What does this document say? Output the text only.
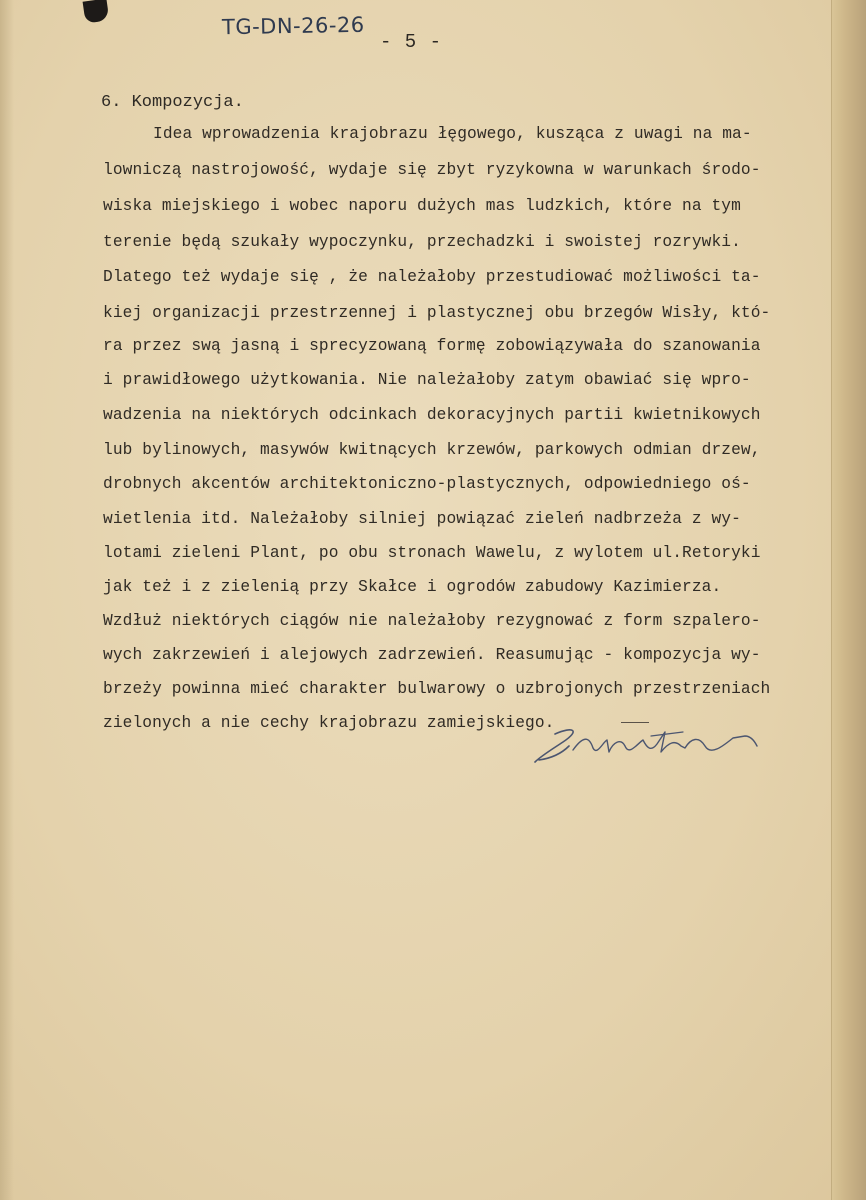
TG-DN-26-26
- 5 -
6. Kompozycja.
Idea wprowadzenia krajobrazu łęgowego, kusząca z uwagi na ma-
lowniczą nastrojowość, wydaje się zbyt ryzykowna w warunkach środo-
wiska miejskiego i wobec naporu dużych mas ludzkich, które na tym
terenie będą szukały wypoczynku, przechadzki i swoistej rozrywki.
Dlatego też wydaje się , że należałoby przestudiować możliwości ta-
kiej organizacji przestrzennej i plastycznej obu brzegów Wisły, któ-
ra przez swą jasną i sprecyzowaną formę zobowiązywała do szanowania
i prawidłowego użytkowania. Nie należałoby zatym obawiać się wpro-
wadzenia na niektórych odcinkach dekoracyjnych partii kwietnikowych
lub bylinowych, masywów kwitnących krzewów, parkowych odmian drzew,
drobnych akcentów architektoniczno-plastycznych, odpowiedniego oś-
wietlenia itd. Należałoby silniej powiązać zieleń nadbrzeża z wy-
lotami zieleni Plant, po obu stronach Wawelu, z wylotem ul.Retoryki
jak też i z zielenią przy Skałce i ogrodów zabudowy Kazimierza.
Wzdłuż niektórych ciągów nie należałoby rezygnować z form szpalero-
wych zakrzewień i alejowych zadrzewień. Reasumując - kompozycja wy-
brzeży powinna mieć charakter bulwarowy o uzbrojonych przestrzeniach
zielonych a nie cechy krajobrazu zamiejskiego.
